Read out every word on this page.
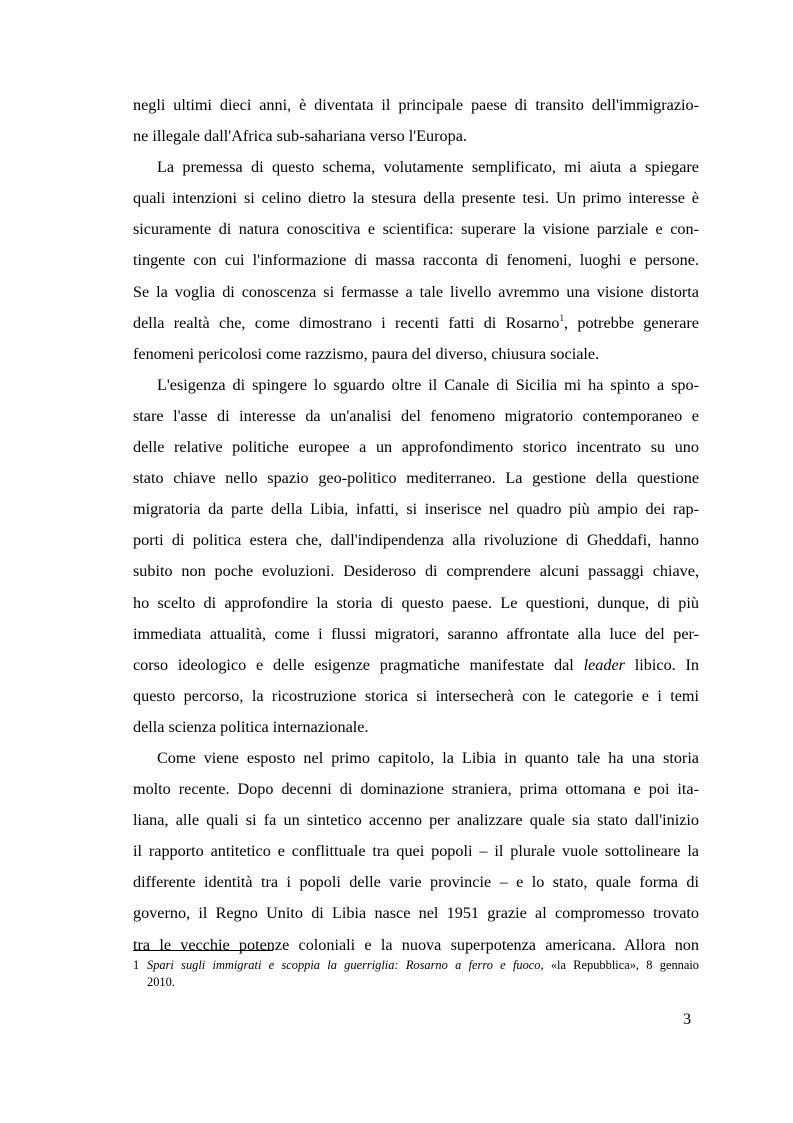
negli ultimi dieci anni, è diventata il principale paese di transito dell'immigrazio-
ne illegale dall'Africa sub-sahariana verso l'Europa.
La premessa di questo schema, volutamente semplificato, mi aiuta a spiegare
quali intenzioni si celino dietro la stesura della presente tesi. Un primo interesse è
sicuramente di natura conoscitiva e scientifica: superare la visione parziale e con-
tingente con cui l'informazione di massa racconta di fenomeni, luoghi e persone.
Se la voglia di conoscenza si fermasse a tale livello avremmo una visione distorta
della realtà che, come dimostrano i recenti fatti di Rosarno$^1$, potrebbe generare
fenomeni pericolosi come razzismo, paura del diverso, chiusura sociale.
L'esigenza di spingere lo sguardo oltre il Canale di Sicilia mi ha spinto a spo-
stare l'asse di interesse da un'analisi del fenomeno migratorio contemporaneo e
delle relative politiche europee a un approfondimento storico incentrato su uno
stato chiave nello spazio geo-politico mediterraneo. La gestione della questione
migratoria da parte della Libia, infatti, si inserisce nel quadro più ampio dei rap-
porti di politica estera che, dall'indipendenza alla rivoluzione di Gheddafi, hanno
subito non poche evoluzioni. Desideroso di comprendere alcuni passaggi chiave,
ho scelto di approfondire la storia di questo paese. Le questioni, dunque, di più
immediata attualità, come i flussi migratori, saranno affrontate alla luce del per-
corso ideologico e delle esigenze pragmatiche manifestate dal leader libico. In
questo percorso, la ricostruzione storica si intersecherà con le categorie e i temi
della scienza politica internazionale.
Come viene esposto nel primo capitolo, la Libia in quanto tale ha una storia
molto recente. Dopo decenni di dominazione straniera, prima ottomana e poi ita-
liana, alle quali si fa un sintetico accenno per analizzare quale sia stato dall'inizio
il rapporto antitetico e conflittuale tra quei popoli – il plurale vuole sottolineare la
differente identità tra i popoli delle varie provincie – e lo stato, quale forma di
governo, il Regno Unito di Libia nasce nel 1951 grazie al compromesso trovato
tra le vecchie potenze coloniali e la nuova superpotenza americana. Allora non
1 Spari sugli immigrati e scoppia la guerriglia: Rosarno a ferro e fuoco, «la Repubblica», 8 gennaio
2010.
3
